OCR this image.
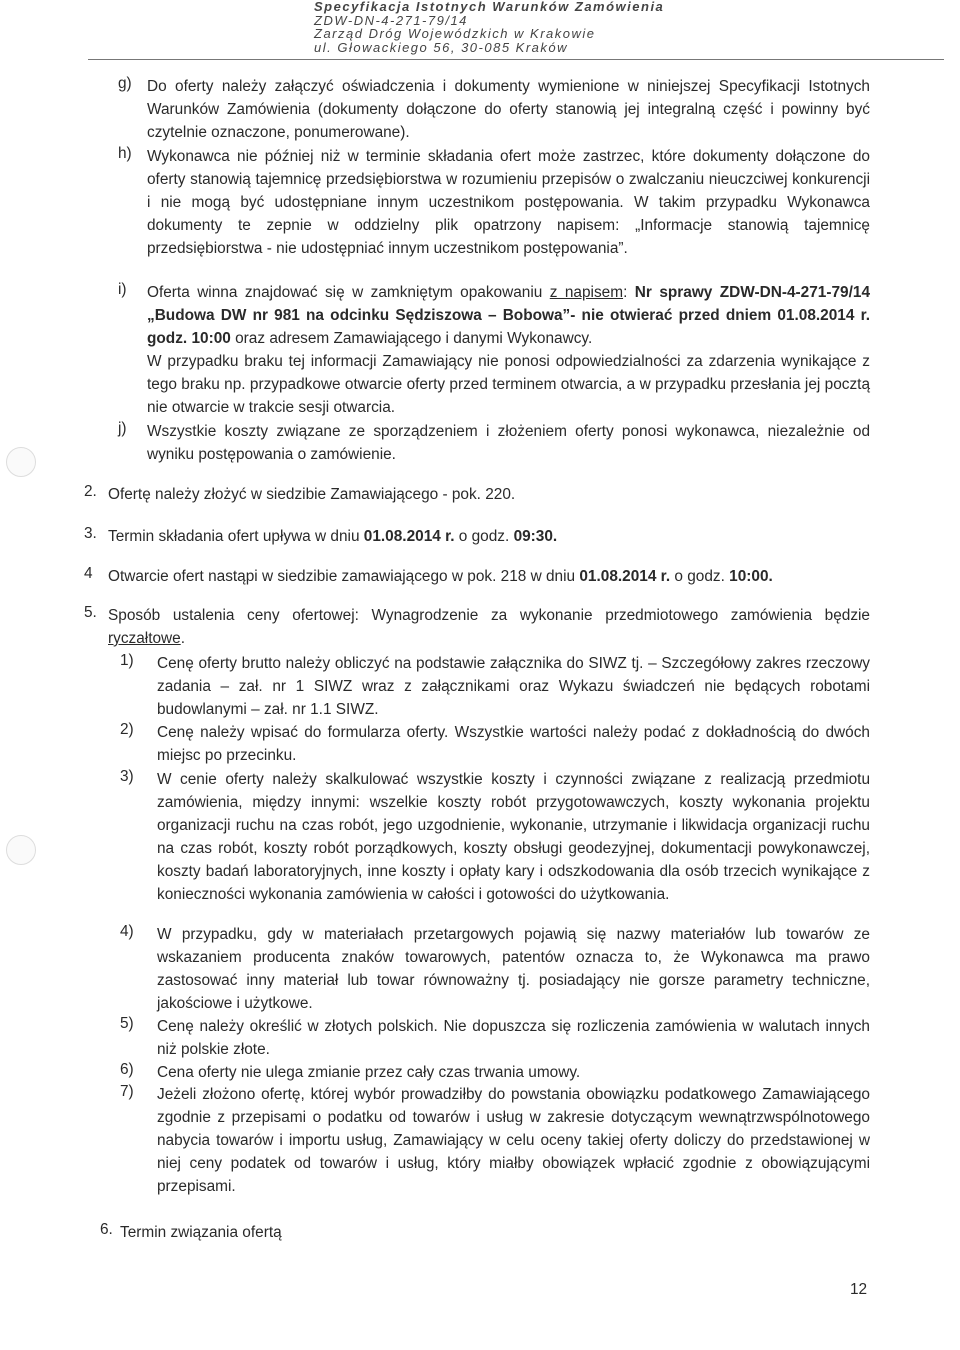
Specyfikacja Istotnych Warunków Zamówienia
ZDW-DN-4-271-79/14
Zarząd Dróg Wojewódzkich w Krakowie
ul. Głowackiego 56, 30-085 Kraków
g) Do oferty należy załączyć oświadczenia i dokumenty wymienione w niniejszej Specyfikacji Istotnych Warunków Zamówienia (dokumenty dołączone do oferty stanowią jej integralną część i powinny być czytelnie oznaczone, ponumerowane).
h) Wykonawca nie później niż w terminie składania ofert może zastrzec, które dokumenty dołączone do oferty stanowią tajemnicę przedsiębiorstwa w rozumieniu przepisów o zwalczaniu nieuczciwej konkurencji i nie mogą być udostępniane innym uczestnikom postępowania. W takim przypadku Wykonawca dokumenty te zepnie w oddzielny plik opatrzony napisem: „Informacje stanowią tajemnicę przedsiębiorstwa - nie udostępniać innym uczestnikom postępowania”.
i)	Oferta winna znajdować się w zamkniętym opakowaniu z napisem: Nr sprawy ZDW-DN-4-271-79/14 „Budowa DW nr 981 na odcinku Sędziszowa – Bobowa”- nie otwierać przed dniem 01.08.2014 r. godz. 10:00 oraz adresem Zamawiającego i danymi Wykonawcy.
W przypadku braku tej informacji Zamawiający nie ponosi odpowiedzialności za zdarzenia wynikające z tego braku np. przypadkowe otwarcie oferty przed terminem otwarcia, a w przypadku przesłania jej pocztą nie otwarcie w trakcie sesji otwarcia.
j)	Wszystkie koszty związane ze sporządzeniem i złożeniem oferty ponosi wykonawca, niezależnie od wyniku postępowania o zamówienie.
2. Ofertę należy złożyć w siedzibie Zamawiającego - pok. 220.
3. Termin składania ofert upływa w dniu 01.08.2014 r. o godz. 09:30.
4	Otwarcie ofert nastąpi w siedzibie zamawiającego w pok. 218 w dniu 01.08.2014 r. o godz. 10:00.
5. Sposób ustalenia ceny ofertowej: Wynagrodzenie za wykonanie przedmiotowego zamówienia będzie ryczałtowe.
1)	Cenę oferty brutto należy obliczyć na podstawie załącznika do SIWZ tj. – Szczegółowy zakres rzeczowy zadania – zał. nr 1 SIWZ wraz z załącznikami oraz Wykazu świadczeń nie będących robotami budowlanymi – zał. nr 1.1 SIWZ.
2)	Cenę należy wpisać do formularza oferty. Wszystkie wartości należy podać z dokładnością do dwóch miejsc po przecinku.
3)	W cenie oferty należy skalkulować wszystkie koszty i czynności związane z realizacją przedmiotu zamówienia, między innymi: wszelkie koszty robót przygotowawczych, koszty wykonania projektu organizacji ruchu na czas robót, jego uzgodnienie, wykonanie, utrzymanie i likwidacja organizacji ruchu na czas robót, koszty robót porządkowych, koszty obsługi geodezyjnej, dokumentacji powykonawczej, koszty badań laboratoryjnych, inne koszty i opłaty kary i odszkodowania dla osób trzecich wynikające z konieczności wykonania zamówienia w całości i gotowości do użytkowania.
4)	W przypadku, gdy w materiałach przetargowych pojawią się nazwy materiałów lub towarów ze wskazaniem producenta znaków towarowych, patentów oznacza to, że Wykonawca ma prawo zastosować inny materiał lub towar równoważny tj. posiadający nie gorsze parametry techniczne, jakościowe i użytkowe.
5)	Cenę należy określić w złotych polskich. Nie dopuszcza się rozliczenia zamówienia w walutach innych niż polskie złote.
6)	Cena oferty nie ulega zmianie przez cały czas trwania umowy.
7)	Jeżeli złożono ofertę, której wybór prowadziłby do powstania obowiązku podatkowego Zamawiającego zgodnie z przepisami o podatku od towarów i usług w zakresie dotyczącym wewnątrzwspólnotowego nabycia towarów i importu usług, Zamawiający w celu oceny takiej oferty doliczy do przedstawionej w niej ceny podatek od towarów i usług, który miałby obowiązek wpłacić zgodnie z obowiązującymi przepisami.
6. Termin związania ofertą
12
